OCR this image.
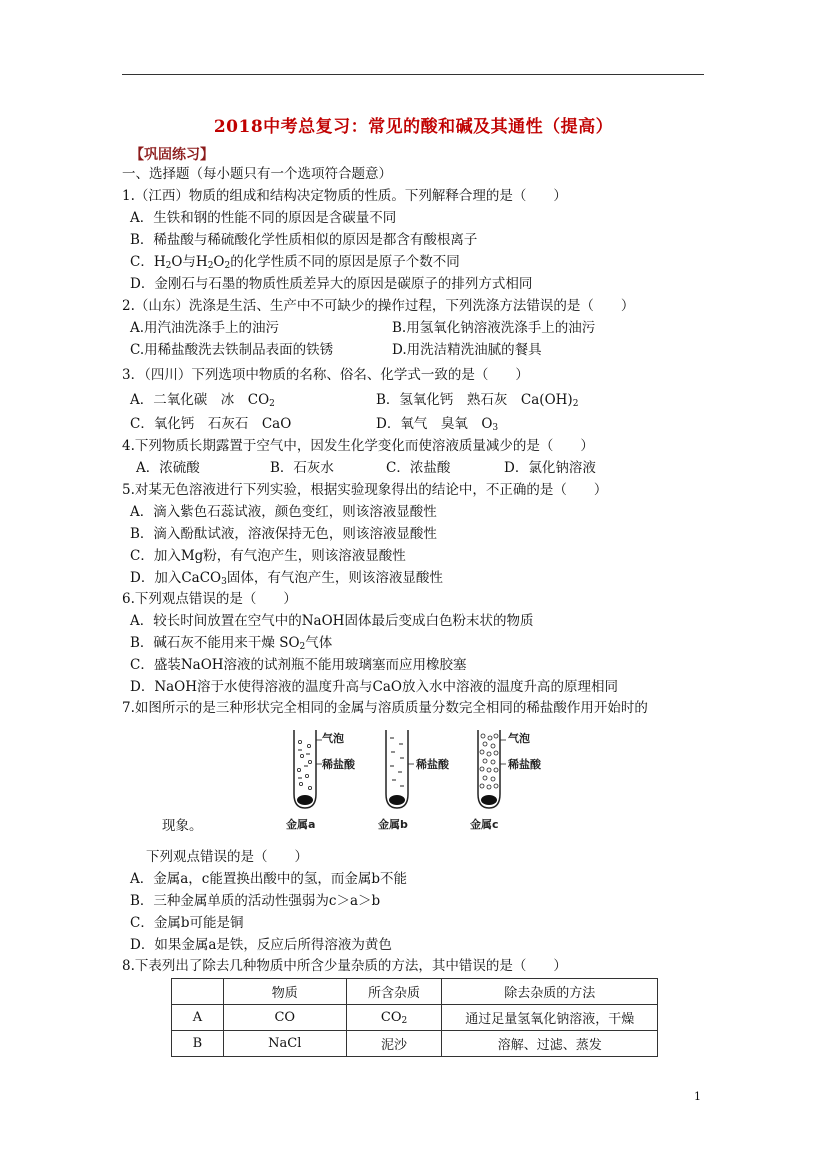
2018中考总复习：常见的酸和碱及其通性（提高）
【巩固练习】
一、选择题（每小题只有一个选项符合题意）
1.（江西）物质的组成和结构决定物质的性质。下列解释合理的是（　　）
A．生铁和钢的性能不同的原因是含碳量不同
B．稀盐酸与稀硫酸化学性质相似的原因是都含有酸根离子
C．$H_2O$与$H_2O_2$的化学性质不同的原因是原子个数不同
D．金刚石与石墨的物质性质差异大的原因是碳原子的排列方式相同
2.（山东）洗涤是生活、生产中不可缺少的操作过程，下列洗涤方法错误的是（　　）
A.用汽油洗涤手上的油污	B.用氢氧化钠溶液洗涤手上的油污
C.用稀盐酸洗去铁制品表面的铁锈	D.用洗洁精洗油腻的餐具
3．（四川）下列选项中物质的名称、俗名、化学式一致的是（　　）
A．二氧化碳　冰　$CO_2$	B．氢氧化钙　熟石灰　$Ca(OH)_2$
C．氧化钙　石灰石　CaO	D．氧气　臭氧　$O_3$
4.下列物质长期露置于空气中，因发生化学变化而使溶液质量减少的是（　　）
A．浓硫酸	B．石灰水	C．浓盐酸	D．氯化钠溶液
5.对某无色溶液进行下列实验，根据实验现象得出的结论中，不正确的是（　　）
A．滴入紫色石蕊试液，颜色变红，则该溶液显酸性
B．滴入酚酞试液，溶液保持无色，则该溶液显酸性
C．加入Mg粉，有气泡产生，则该溶液显酸性
D．加入CaCO$_3$固体，有气泡产生，则该溶液显酸性
6.下列观点错误的是（　　）
A．较长时间放置在空气中的NaOH固体最后变成白色粉末状的物质
B．碱石灰不能用来干燥 $SO_2$气体
C．盛装NaOH溶液的试剂瓶不能用玻璃塞而应用橡胶塞
D．NaOH溶于水使得溶液的温度升高与CaO放入水中溶液的温度升高的原理相同
7.如图所示的是三种形状完全相同的金属与溶质质量分数完全相同的稀盐酸作用开始时的
气泡
稀盐酸
金属a
稀盐酸
金属b
气泡
稀盐酸
金属c
现象。
下列观点错误的是（　　）
A．金属a，c能置换出酸中的氢，而金属b不能
B．三种金属单质的活动性强弱为c＞a＞b
C．金属b可能是铜
D．如果金属a是铁，反应后所得溶液为黄色
8.下表列出了除去几种物质中所含少量杂质的方法，其中错误的是（　　）
	物质	所含杂质	除去杂质的方法
A	CO	$CO_2$	通过足量氢氧化钠溶液，干燥
B	NaCl	泥沙	溶解、过滤、蒸发
1
